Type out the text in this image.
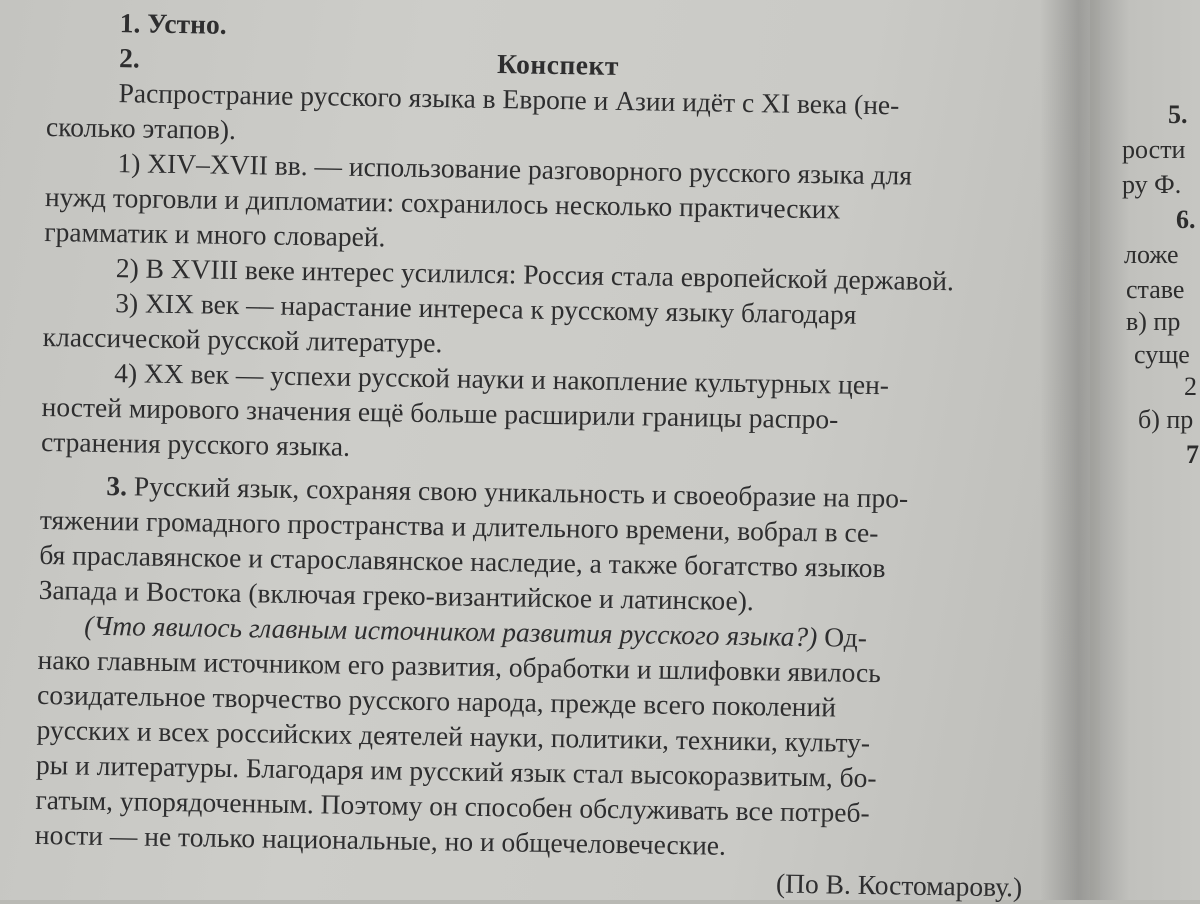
1. Устно.
2.	Конспект
Распространие русского языка в Европе и Азии идёт с XI века (не-
сколько этапов).
1) XIV–XVII вв. — использование разговорного русского языка для
нужд торговли и дипломатии: сохранилось несколько практических
грамматик и много словарей.
2) В XVIII веке интерес усилился: Россия стала европейской державой.
3) XIX век –– нарастание интереса к русскому языку благодаря
классической русской литературе.
4) XX век — успехи русской науки и накопление культурных цен-
ностей мирового значения ещё больше расширили границы распро-
странения русского языка.
3. Русский язык, сохраняя свою уникальность и своеобразие на про-
тяжении громадного пространства и длительного времени, вобрал в се-
бя праславянское и старославянское наследие, а также богатство языков
Запада и Востока (включая греко-византийское и латинское).
(Что явилось главным источником развития русского языка?) Од-
нако главным источником его развития, обработки и шлифовки явилось
созидательное творчество русского народа, прежде всего поколений
русских и всех российских деятелей науки, политики, техники, культу-
ры и литературы. Благодаря им русский язык стал высокоразвитым, бо-
гатым, упорядоченным. Поэтому он способен обслуживать все потреб-
ности — не только национальные, но и общечеловеческие.
(По В. Костомарову.)
5.
рости
ру Ф.
6.
ложе
ставе
в) пр
суще
2
б) пр
7
